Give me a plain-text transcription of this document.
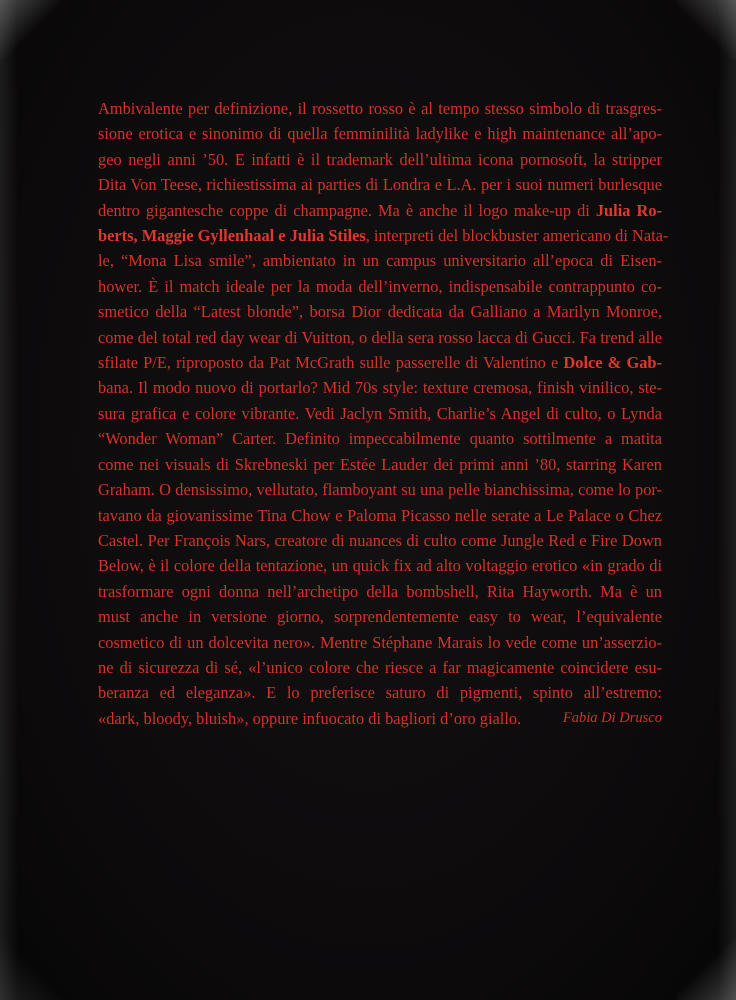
Ambivalente per definizione, il rossetto rosso è al tempo stesso simbolo di trasgres-
sione erotica e sinonimo di quella femminilità ladylike e high maintenance all’apo-
geo negli anni ’50. E infatti è il trademark dell’ultima icona pornosoft, la stripper
Dita Von Teese, richiestissima ai parties di Londra e L.A. per i suoi numeri burlesque
dentro gigantesche coppe di champagne. Ma è anche il logo make-up di Julia Ro-
berts, Maggie Gyllenhaal e Julia Stiles, interpreti del blockbuster americano di Nata-
le, “Mona Lisa smile”, ambientato in un campus universitario all’epoca di Eisen-
hower. È il match ideale per la moda dell’inverno, indispensabile contrappunto co-
smetico della “Latest blonde”, borsa Dior dedicata da Galliano a Marilyn Monroe,
come del total red day wear di Vuitton, o della sera rosso lacca di Gucci. Fa trend alle
sfilate P/E, riproposto da Pat McGrath sulle passerelle di Valentino e Dolce & Gab-
bana. Il modo nuovo di portarlo? Mid 70s style: texture cremosa, finish vinilico, ste-
sura grafica e colore vibrante. Vedi Jaclyn Smith, Charlie’s Angel di culto, o Lynda
“Wonder Woman” Carter. Definito impeccabilmente quanto sottilmente a matita
come nei visuals di Skrebneski per Estée Lauder dei primi anni ’80, starring Karen
Graham. O densissimo, vellutato, flamboyant su una pelle bianchissima, come lo por-
tavano da giovanissime Tina Chow e Paloma Picasso nelle serate a Le Palace o Chez
Castel. Per François Nars, creatore di nuances di culto come Jungle Red e Fire Down
Below, è il colore della tentazione, un quick fix ad alto voltaggio erotico «in grado di
trasformare ogni donna nell’archetipo della bombshell, Rita Hayworth. Ma è un
must anche in versione giorno, sorprendentemente easy to wear, l’equivalente
cosmetico di un dolcevita nero». Mentre Stéphane Marais lo vede come un’asserzio-
ne di sicurezza di sé, «l’unico colore che riesce a far magicamente coincidere esu-
beranza ed eleganza». E lo preferisce saturo di pigmenti, spinto all’estremo:
«dark, bloody, bluish», oppure infuocato di bagliori d’oro giallo.	Fabia Di Drusco
